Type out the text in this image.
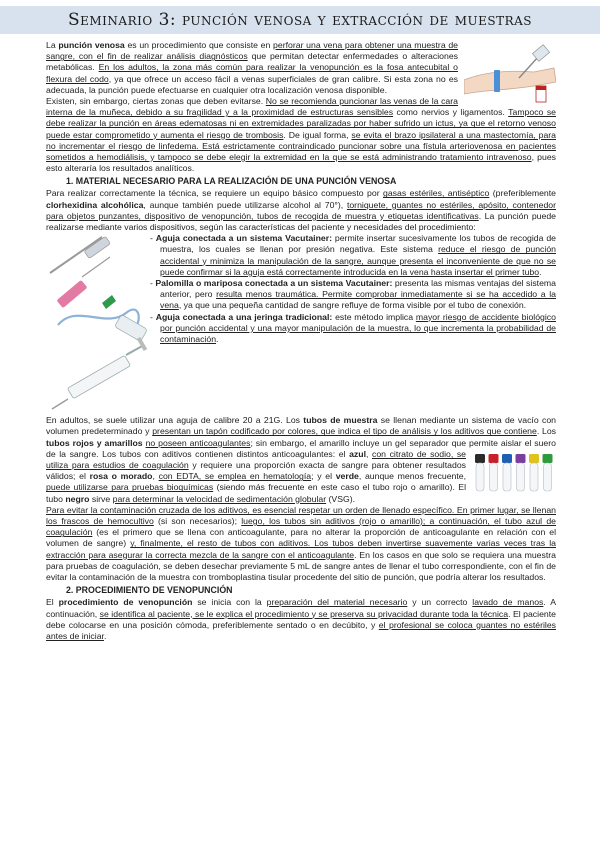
Seminario 3: punción venosa y extracción de muestras

La punción venosa es un procedimiento que consiste en perforar una vena para obtener una muestra de sangre, con el fin de realizar análisis diagnósticos que permitan detectar enfermedades o alteraciones metabólicas. En los adultos, la zona más común para realizar la venopunción es la fosa antecubital o flexura del codo, ya que ofrece un acceso fácil a venas superficiales de gran calibre. Si esta zona no es adecuada, la punción puede efectuarse en cualquier otra localización venosa disponible.

Existen, sin embargo, ciertas zonas que deben evitarse. No se recomienda puncionar las venas de la cara interna de la muñeca, debido a su fragilidad y a la proximidad de estructuras sensibles como nervios y ligamentos. Tampoco se debe realizar la punción en áreas edematosas ni en extremidades paralizadas por haber sufrido un ictus, ya que el retorno venoso puede estar comprometido y aumenta el riesgo de trombosis. De igual forma, se evita el brazo ipsilateral a una mastectomía, para no incrementar el riesgo de linfedema. Está estrictamente contraindicado puncionar sobre una fístula arteriovenosa en pacientes sometidos a hemodiálisis, y tampoco se debe elegir la extremidad en la que se está administrando tratamiento intravenoso, pues esto alteraría los resultados analíticos.

1. MATERIAL NECESARIO PARA LA REALIZACIÓN DE UNA PUNCIÓN VENOSA

Para realizar correctamente la técnica, se requiere un equipo básico compuesto por gasas estériles, antiséptico (preferiblemente clorhexidina alcohólica, aunque también puede utilizarse alcohol al 70°), torniquete, guantes no estériles, apósito, contenedor para objetos punzantes, dispositivo de venopunción, tubos de recogida de muestra y etiquetas identificativas. La punción puede realizarse mediante varios dispositivos, según las características del paciente y necesidades del procedimiento:

- Aguja conectada a un sistema Vacutainer: permite insertar sucesivamente los tubos de recogida de muestra, los cuales se llenan por presión negativa. Este sistema reduce el riesgo de punción accidental y minimiza la manipulación de la sangre, aunque presenta el inconveniente de que no se puede confirmar si la aguja está correctamente introducida en la vena hasta insertar el primer tubo.

- Palomilla o mariposa conectada a un sistema Vacutainer: presenta las mismas ventajas del sistema anterior, pero resulta menos traumática. Permite comprobar inmediatamente si se ha accedido a la vena, ya que una pequeña cantidad de sangre refluye de forma visible por el tubo de conexión.

- Aguja conectada a una jeringa tradicional: este método implica mayor riesgo de accidente biológico por punción accidental y una mayor manipulación de la muestra, lo que incrementa la probabilidad de contaminación.

En adultos, se suele utilizar una aguja de calibre 20 a 21G. Los tubos de muestra se llenan mediante un sistema de vacío con volumen predeterminado y presentan un tapón codificado por colores, que indica el tipo de análisis y los aditivos que contiene. Los tubos rojos y amarillos no poseen anticoagulantes; sin embargo, el amarillo incluye un gel separador que permite aislar el suero de la sangre. Los tubos con aditivos contienen distintos anticoagulantes: el azul
, con citrato de sodio, se utiliza para estudios de coagulación y requiere una proporción exacta de sangre para obtener resultados válidos; el rosa o morado, con EDTA, se emplea en hematología; y el verde, aunque menos frecuente, puede utilizarse para pruebas bioquímicas (siendo más frecuente en este caso el tubo rojo o amarillo). El tubo negro sirve para determinar la velocidad de sedimentación globular (VSG).

Para evitar la contaminación cruzada de los aditivos, es esencial respetar un orden de llenado específico. En primer lugar, se llenan los frascos de hemocultivo (si son necesarios); luego, los tubos sin aditivos (rojo o amarillo); a continuación, el tubo azul de coagulación (es el primero que se llena con anticoagulante, para no alterar la proporción de anticoagulante en relación con el volumen de sangre) y, finalmente, el resto de tubos con aditivos. Los tubos deben invertirse suavemente varias veces tras la extracción para asegurar la correcta mezcla de la sangre con el anticoagulante. En los casos en que solo se requiera una muestra para pruebas de coagulación, se deben desechar previamente 5 mL de sangre antes de llenar el tubo correspondiente, con el fin de evitar la contaminación de la muestra con tromboplastina tisular procedente del sitio de punción, que podría alterar los resultados.

2. PROCEDIMIENTO DE VENOPUNCIÓN

El procedimiento de venopunción se inicia con la preparación del material necesario y un correcto lavado de manos. A continuación, se identifica al paciente, se le explica el procedimiento y se preserva su privacidad durante toda la técnica. El paciente debe colocarse en una posición cómoda, preferiblemente sentado o en decúbito, y el profesional se coloca guantes no estériles antes de iniciar.
